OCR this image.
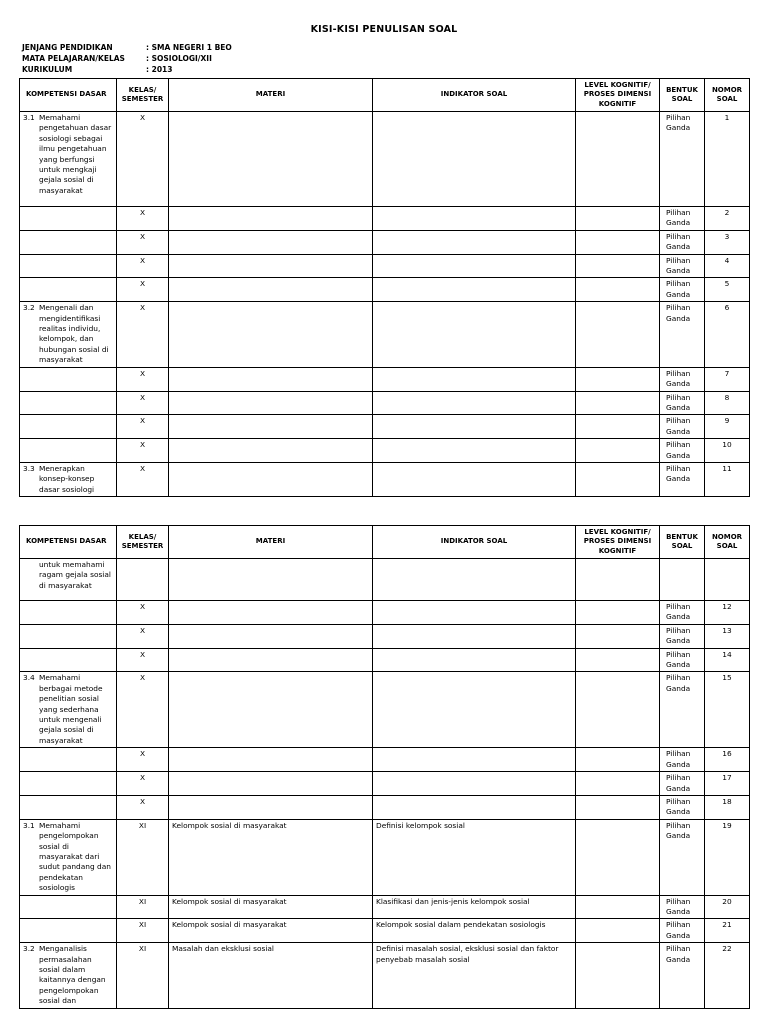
KISI-KISI PENULISAN SOAL
JENJANG PENDIDIKAN	: SMA NEGERI 1 BEO
MATA PELAJARAN/KELAS	: SOSIOLOGI/XII
KURIKULUM	: 2013
KOMPETENSI DASAR	KELAS/ SEMESTER	MATERI	INDIKATOR SOAL	LEVEL KOGNITIF/ PROSES DIMENSI KOGNITIF	BENTUK SOAL	NOMOR SOAL

3.1 Memahami pengetahuan dasar sosiologi sebagai ilmu pengetahuan yang berfungsi untuk mengkaji gejala sosial di masyarakat	X				Pilihan Ganda	1

	X				Pilihan Ganda	2

	X				Pilihan Ganda	3

	X				Pilihan Ganda	4

	X				Pilihan Ganda	5

3.2 Mengenali dan mengidentifikasi realitas individu, kelompok, dan hubungan sosial di masyarakat	X				Pilihan Ganda	6

	X				Pilihan Ganda	7

	X				Pilihan Ganda	8

	X				Pilihan Ganda	9

	X				Pilihan Ganda	10

3.3 Menerapkan konsep-konsep dasar sosiologi	X				Pilihan Ganda	11
KOMPETENSI DASAR	KELAS/ SEMESTER	MATERI	INDIKATOR SOAL	LEVEL KOGNITIF/ PROSES DIMENSI KOGNITIF	BENTUK SOAL	NOMOR SOAL

untuk memahami ragam gejala sosial di masyarakat						

	X				Pilihan Ganda	12

	X				Pilihan Ganda	13

	X				Pilihan Ganda	14

3.4 Memahami berbagai metode penelitian sosial yang sederhana untuk mengenali gejala sosial di masyarakat	X				Pilihan Ganda	15

	X				Pilihan Ganda	16

	X				Pilihan Ganda	17

	X				Pilihan Ganda	18

3.1 Memahami pengelompokan sosial di masyarakat dari sudut pandang dan pendekatan sosiologis	XI	Kelompok sosial di masyarakat	Definisi kelompok sosial		Pilihan Ganda	19

	XI	Kelompok sosial di masyarakat	Klasifikasi dan jenis-jenis kelompok sosial		Pilihan Ganda	20

	XI	Kelompok sosial di masyarakat	Kelompok sosial dalam pendekatan sosiologis		Pilihan Ganda	21

3.2 Menganalisis permasalahan sosial dalam kaitannya dengan pengelompokan sosial dan	XI	Masalah dan eksklusi sosial	Definisi masalah sosial, eksklusi sosial dan faktor penyebab masalah sosial		Pilihan Ganda	22
